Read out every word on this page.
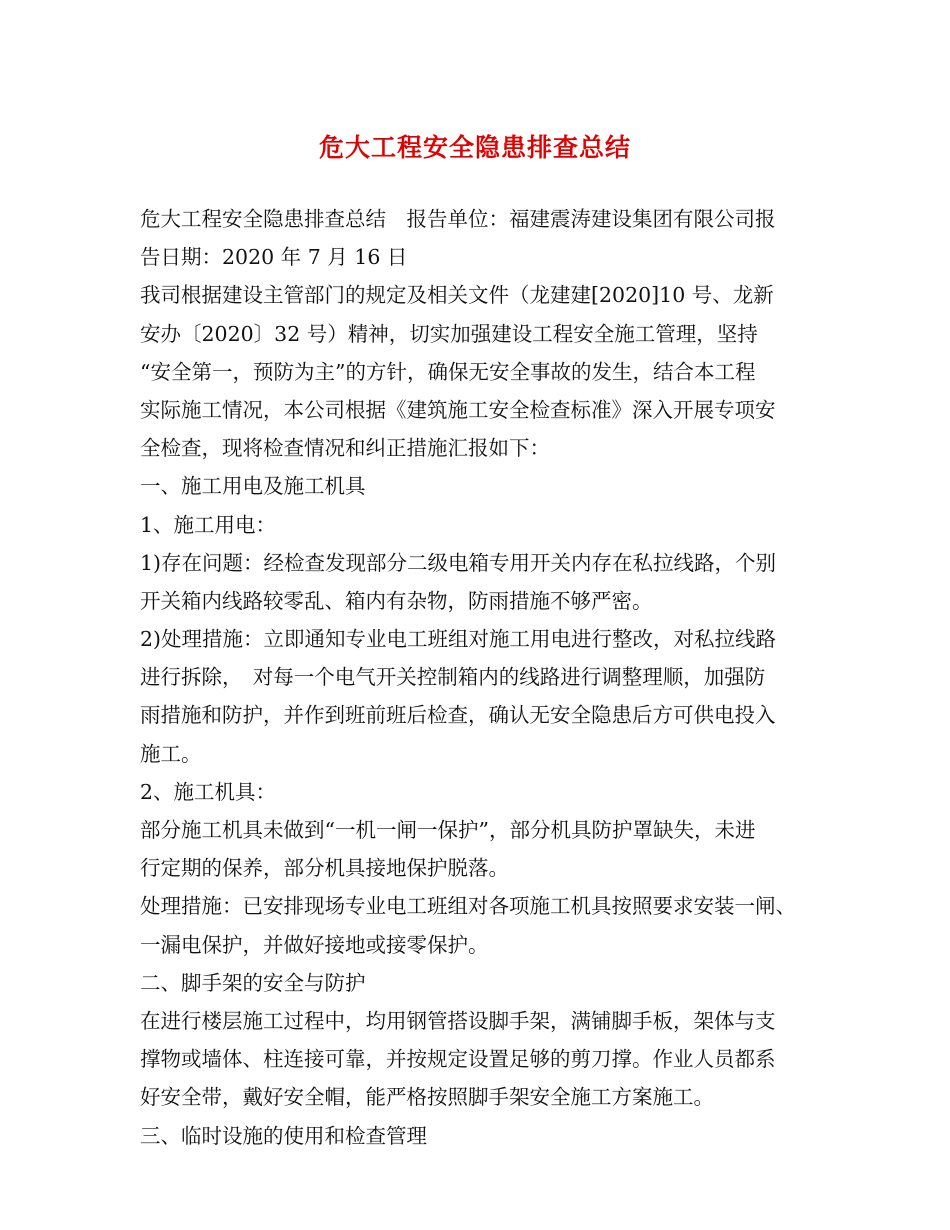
危大工程安全隐患排查总结
危大工程安全隐患排查总结　报告单位：福建震涛建设集团有限公司报
告日期：2020 年 7 月 16 日
我司根据建设主管部门的规定及相关文件（龙建建[2020]10 号、龙新
安办〔2020〕32 号）精神，切实加强建设工程安全施工管理，坚持
“安全第一，预防为主”的方针，确保无安全事故的发生，结合本工程
实际施工情况，本公司根据《建筑施工安全检查标准》深入开展专项安
全检查，现将检查情况和纠正措施汇报如下：
一、施工用电及施工机具
1、施工用电：
1)存在问题：经检查发现部分二级电箱专用开关内存在私拉线路，个别
开关箱内线路较零乱、箱内有杂物，防雨措施不够严密。
2)处理措施：立即通知专业电工班组对施工用电进行整改，对私拉线路
进行拆除，　对每一个电气开关控制箱内的线路进行调整理顺，加强防
雨措施和防护，并作到班前班后检查，确认无安全隐患后方可供电投入
施工。
2、施工机具：
部分施工机具未做到“一机一闸一保护”，部分机具防护罩缺失，未进
行定期的保养，部分机具接地保护脱落。
处理措施：已安排现场专业电工班组对各项施工机具按照要求安装一闸、
一漏电保护，并做好接地或接零保护。
二、脚手架的安全与防护
在进行楼层施工过程中，均用钢管搭设脚手架，满铺脚手板，架体与支
撑物或墙体、柱连接可靠，并按规定设置足够的剪刀撑。作业人员都系
好安全带，戴好安全帽，能严格按照脚手架安全施工方案施工。
三、临时设施的使用和检查管理
